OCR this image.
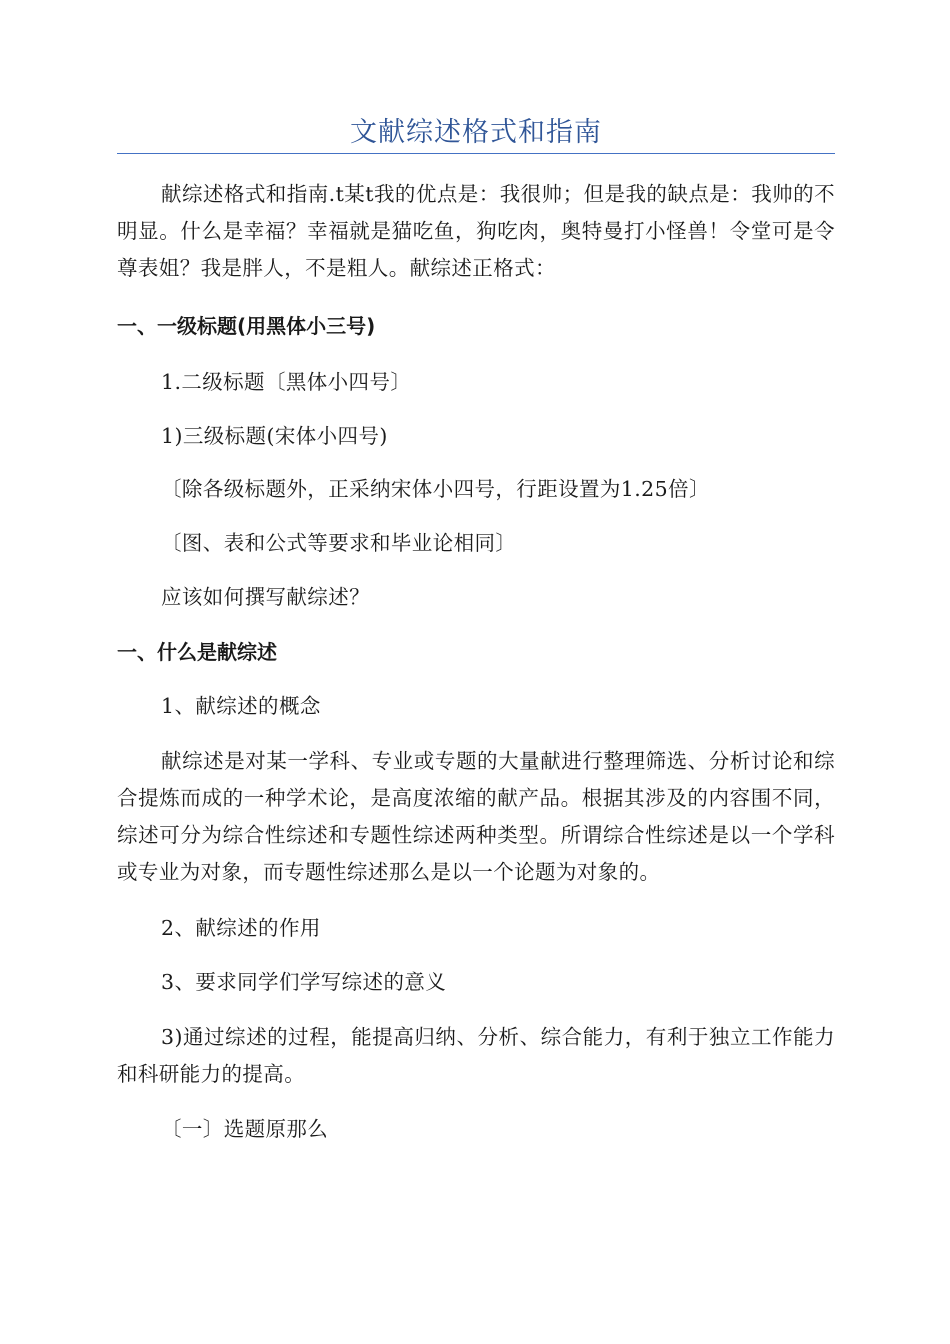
文献综述格式和指南

献综述格式和指南.t某t我的优点是：我很帅；但是我的缺点是：我帅的不明显。什么是幸福？幸福就是猫吃鱼，狗吃肉，奥特曼打小怪兽！令堂可是令尊表姐？我是胖人，不是粗人。献综述正格式：

一、一级标题(用黑体小三号)

1.二级标题〔黑体小四号〕

1)三级标题(宋体小四号)

〔除各级标题外，正采纳宋体小四号，行距设置为1.25倍〕

〔图、表和公式等要求和毕业论相同〕

应该如何撰写献综述？

一、什么是献综述

1、献综述的概念

献综述是对某一学科、专业或专题的大量献进行整理筛选、分析讨论和综合提炼而成的一种学术论，是高度浓缩的献产品。根据其涉及的内容围不同，综述可分为综合性综述和专题性综述两种类型。所谓综合性综述是以一个学科或专业为对象，而专题性综述那么是以一个论题为对象的。

2、献综述的作用

3、要求同学们学写综述的意义

3)通过综述的过程，能提高归纳、分析、综合能力，有利于独立工作能力和科研能力的提高。

〔一〕选题原那么
